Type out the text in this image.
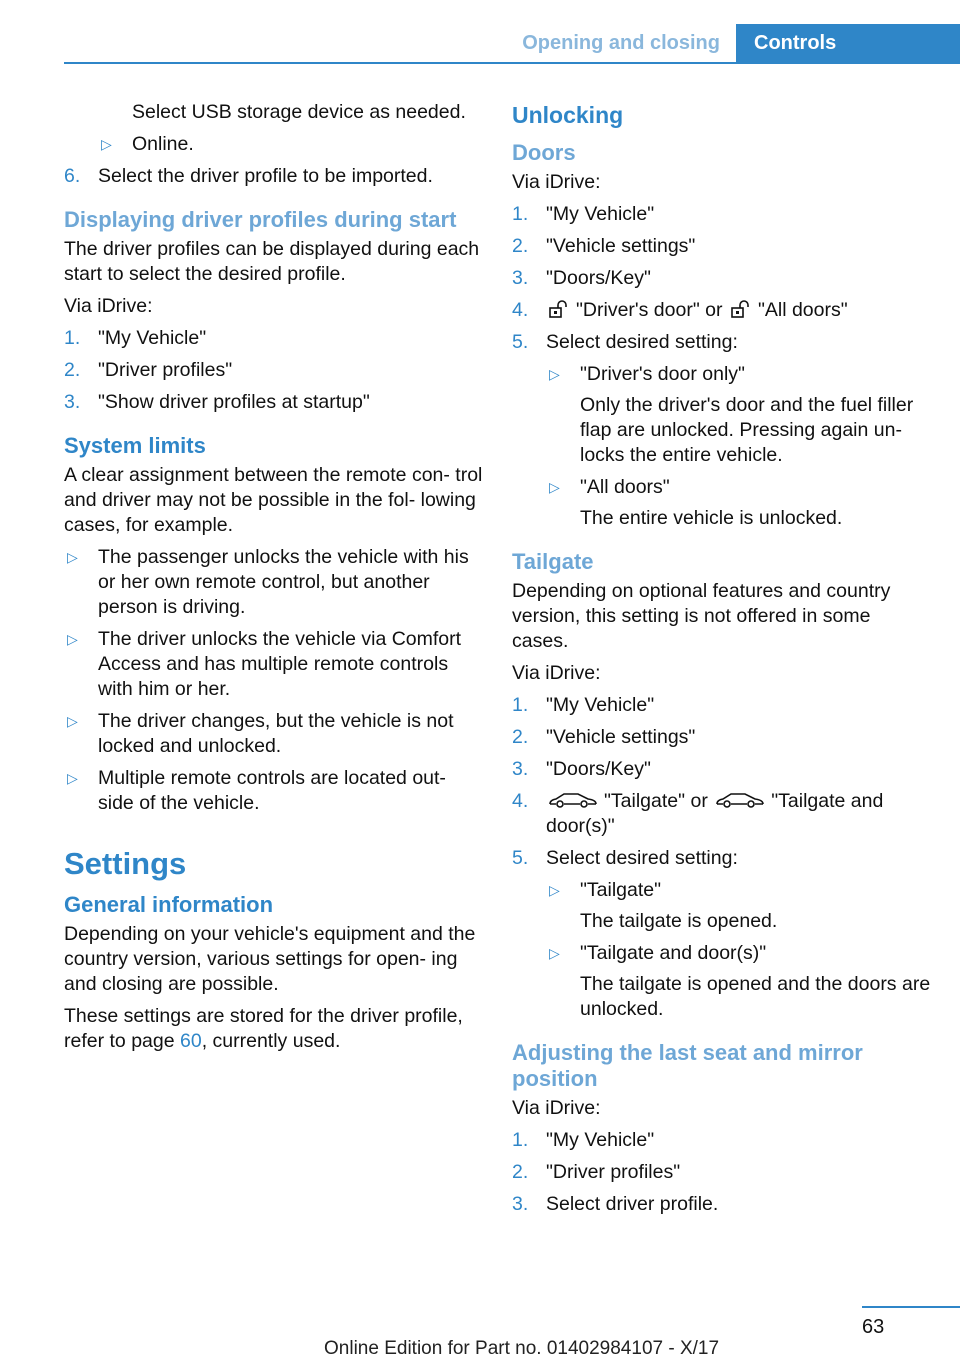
Opening and closing	Controls

Select USB storage device as needed.

▷ Online.
6. Select the driver profile to be imported.
Displaying driver profiles during start

The driver profiles can be displayed during each start to select the desired profile.

Via iDrive:

1. "My Vehicle"
2. "Driver profiles"
3. "Show driver profiles at startup"
System limits

A clear assignment between the remote con‐ trol and driver may not be possible in the fol‐ lowing cases, for example.

▷ The passenger unlocks the vehicle with his or her own remote control, but another person is driving.
▷ The driver unlocks the vehicle via Comfort Access and has multiple remote controls with him or her.
▷ The driver changes, but the vehicle is not locked and unlocked.
▷ Multiple remote controls are located out‐ side of the vehicle.
Settings
General information

Depending on your vehicle's equipment and the country version, various settings for open‐ ing and closing are possible.

These settings are stored for the driver profile, refer to page 60, currently used.

Unlocking
Doors

Via iDrive:

1. "My Vehicle"
2. "Vehicle settings"
3. "Doors/Key"
4. "Driver's door" or "All doors"
5. Select desired setting:
▷ "Driver's door only"
Only the driver's door and the fuel filler flap are unlocked. Pressing again un‐ locks the entire vehicle.
▷ "All doors"
The entire vehicle is unlocked.
Tailgate

Depending on optional features and country version, this setting is not offered in some cases.

Via iDrive:

1. "My Vehicle"
2. "Vehicle settings"
3. "Doors/Key"
4.	"Tailgate" or	"Tailgate and door(s)"
5. Select desired setting:
▷ "Tailgate"
The tailgate is opened.
▷ "Tailgate and door(s)"
The tailgate is opened and the doors are unlocked.
Adjusting the last seat and mirror position

Via iDrive:

1. "My Vehicle"
2. "Driver profiles"
3. Select driver profile.
63
Online Edition for Part no. 01402984107 - X/17
